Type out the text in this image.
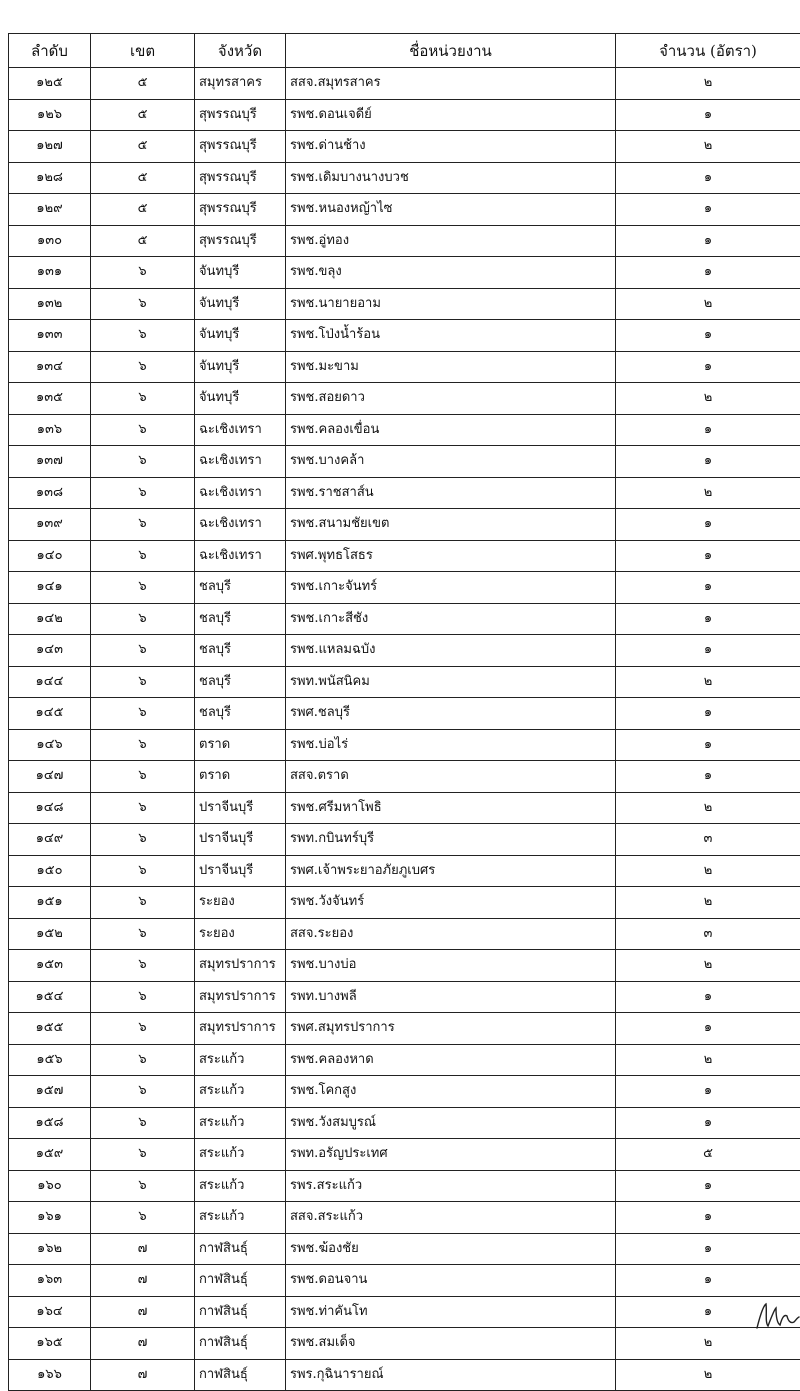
ลำดับ	เขต	จังหวัด	ชื่อหน่วยงาน	จำนวน (อัตรา)
๑๒๕	๕	สมุทรสาคร	สสจ.สมุทรสาคร	๒
๑๒๖	๕	สุพรรณบุรี	รพช.ดอนเจดีย์	๑
๑๒๗	๕	สุพรรณบุรี	รพช.ด่านช้าง	๒
๑๒๘	๕	สุพรรณบุรี	รพช.เดิมบางนางบวช	๑
๑๒๙	๕	สุพรรณบุรี	รพช.หนองหญ้าไซ	๑
๑๓๐	๕	สุพรรณบุรี	รพช.อู่ทอง	๑
๑๓๑	๖	จันทบุรี	รพช.ขลุง	๑
๑๓๒	๖	จันทบุรี	รพช.นายายอาม	๒
๑๓๓	๖	จันทบุรี	รพช.โป่งน้ำร้อน	๑
๑๓๔	๖	จันทบุรี	รพช.มะขาม	๑
๑๓๕	๖	จันทบุรี	รพช.สอยดาว	๒
๑๓๖	๖	ฉะเชิงเทรา	รพช.คลองเขื่อน	๑
๑๓๗	๖	ฉะเชิงเทรา	รพช.บางคล้า	๑
๑๓๘	๖	ฉะเชิงเทรา	รพช.ราชสาส์น	๒
๑๓๙	๖	ฉะเชิงเทรา	รพช.สนามชัยเขต	๑
๑๔๐	๖	ฉะเชิงเทรา	รพศ.พุทธโสธร	๑
๑๔๑	๖	ชลบุรี	รพช.เกาะจันทร์	๑
๑๔๒	๖	ชลบุรี	รพช.เกาะสีชัง	๑
๑๔๓	๖	ชลบุรี	รพช.แหลมฉบัง	๑
๑๔๔	๖	ชลบุรี	รพท.พนัสนิคม	๒
๑๔๕	๖	ชลบุรี	รพศ.ชลบุรี	๑
๑๔๖	๖	ตราด	รพช.บ่อไร่	๑
๑๔๗	๖	ตราด	สสจ.ตราด	๑
๑๔๘	๖	ปราจีนบุรี	รพช.ศรีมหาโพธิ	๒
๑๔๙	๖	ปราจีนบุรี	รพท.กบินทร์บุรี	๓
๑๕๐	๖	ปราจีนบุรี	รพศ.เจ้าพระยาอภัยภูเบศร	๒
๑๕๑	๖	ระยอง	รพช.วังจันทร์	๒
๑๕๒	๖	ระยอง	สสจ.ระยอง	๓
๑๕๓	๖	สมุทรปราการ	รพช.บางบ่อ	๒
๑๕๔	๖	สมุทรปราการ	รพท.บางพลี	๑
๑๕๕	๖	สมุทรปราการ	รพศ.สมุทรปราการ	๑
๑๕๖	๖	สระแก้ว	รพช.คลองหาด	๒
๑๕๗	๖	สระแก้ว	รพช.โคกสูง	๑
๑๕๘	๖	สระแก้ว	รพช.วังสมบูรณ์	๑
๑๕๙	๖	สระแก้ว	รพท.อรัญประเทศ	๕
๑๖๐	๖	สระแก้ว	รพร.สระแก้ว	๑
๑๖๑	๖	สระแก้ว	สสจ.สระแก้ว	๑
๑๖๒	๗	กาฬสินธุ์	รพช.ฆ้องชัย	๑
๑๖๓	๗	กาฬสินธุ์	รพช.ดอนจาน	๑
๑๖๔	๗	กาฬสินธุ์	รพช.ท่าคันโท	๑
๑๖๕	๗	กาฬสินธุ์	รพช.สมเด็จ	๒
๑๖๖	๗	กาฬสินธุ์	รพร.กุฉินารายณ์	๒
